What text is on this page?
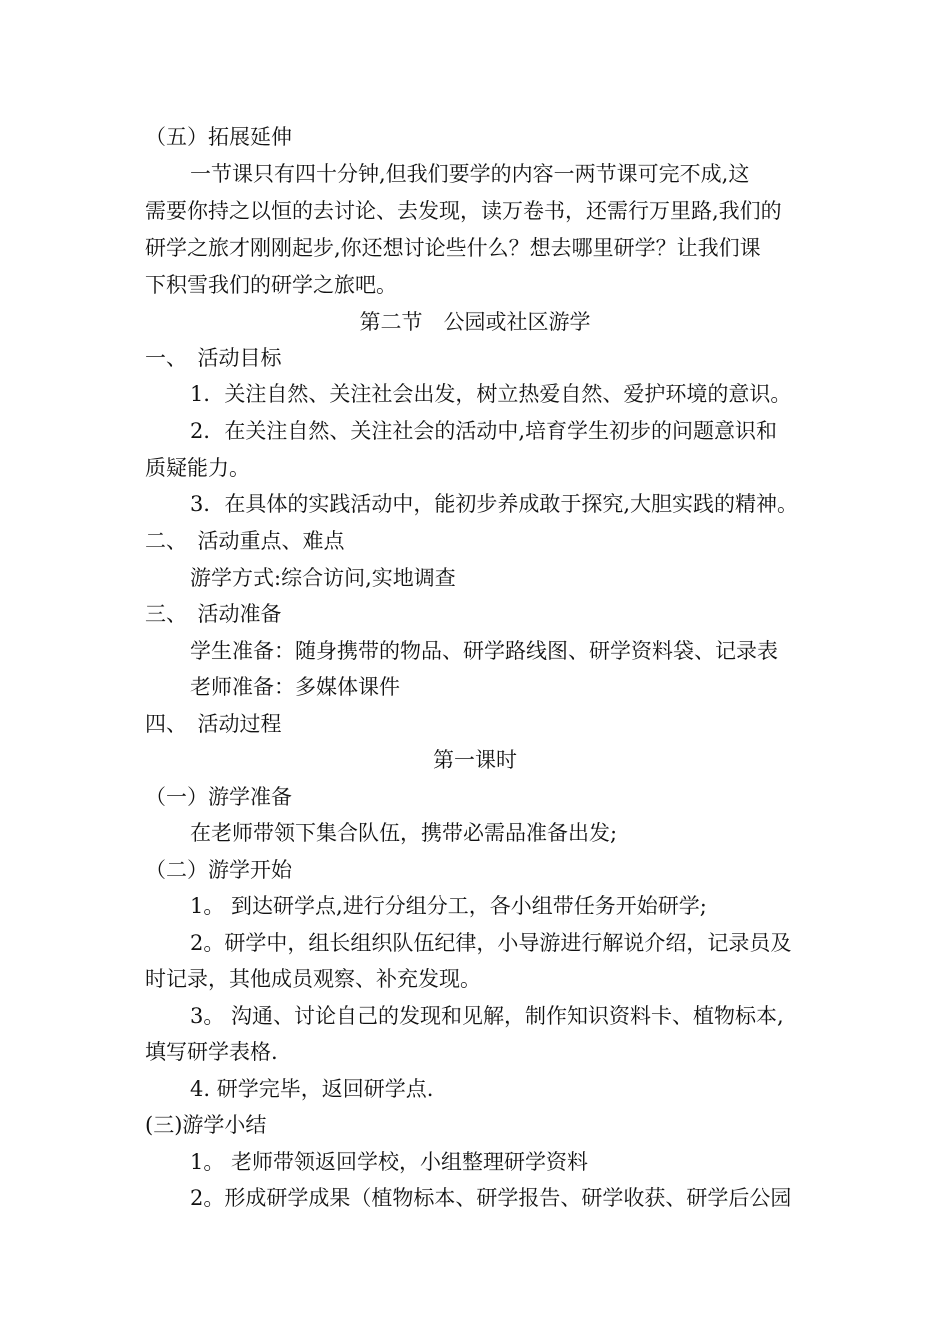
（五）拓展延伸
一节课只有四十分钟,但我们要学的内容一两节课可完不成,这
需要你持之以恒的去讨论、去发现，读万卷书，还需行万里路,我们的
研学之旅才刚刚起步,你还想讨论些什么？想去哪里研学？让我们课
下积雪我们的研学之旅吧。
第二节　公园或社区游学
一、　活动目标
1．关注自然、关注社会出发，树立热爱自然、爱护环境的意识。
2．在关注自然、关注社会的活动中,培育学生初步的问题意识和
质疑能力。
3．在具体的实践活动中，能初步养成敢于探究,大胆实践的精神。
二、　活动重点、难点
游学方式:综合访问,实地调查
三、　活动准备
学生准备：随身携带的物品、研学路线图、研学资料袋、记录表
老师准备：多媒体课件
四、　活动过程
第一课时
（一）游学准备
在老师带领下集合队伍，携带必需品准备出发;
（二）游学开始
1。 到达研学点,进行分组分工，各小组带任务开始研学;
2。研学中，组长组织队伍纪律，小导游进行解说介绍，记录员及
时记录，其他成员观察、补充发现。
3。 沟通、讨论自己的发现和见解，制作知识资料卡、植物标本,
填写研学表格.
4. 研学完毕，返回研学点.
(三)游学小结
1。 老师带领返回学校，小组整理研学资料
2。形成研学成果（植物标本、研学报告、研学收获、研学后公园
